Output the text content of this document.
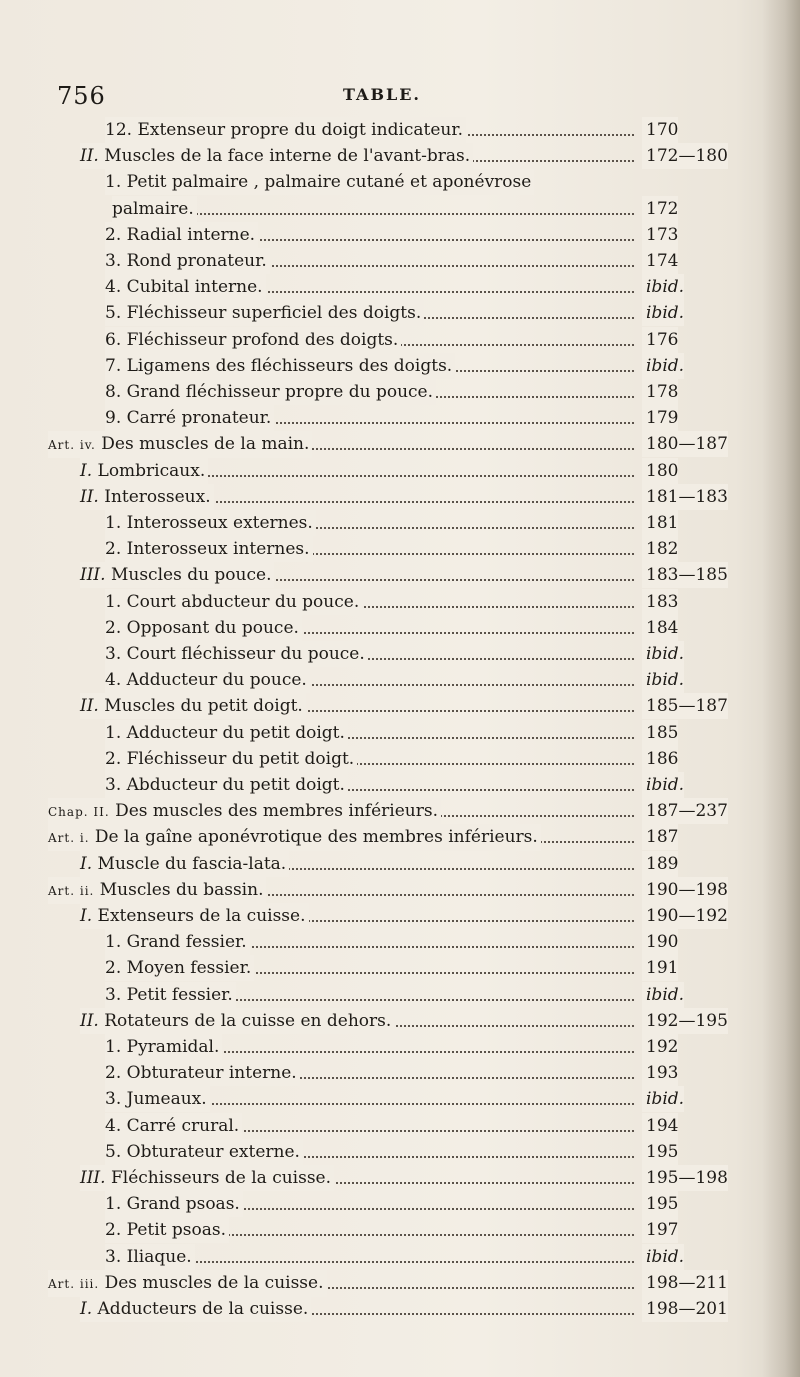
756	TABLE.
12. Extenseur propre du doigt indicateur.	170
II. Muscles de la face interne de l'avant-bras.	172—180
1. Petit palmaire , palmaire cutané et aponévrose
palmaire.	172
2. Radial interne.	173
3. Rond pronateur.	174
4. Cubital interne.	ibid.
5. Fléchisseur superficiel des doigts.	ibid.
6. Fléchisseur profond des doigts.	176
7. Ligamens des fléchisseurs des doigts.	ibid.
8. Grand fléchisseur propre du pouce.	178
9. Carré pronateur.	179
Art. iv. Des muscles de la main.	180—187
I. Lombricaux.	180
II. Interosseux.	181—183
1. Interosseux externes.	181
2. Interosseux internes.	182
III. Muscles du pouce.	183—185
1. Court abducteur du pouce.	183
2. Opposant du pouce.	184
3. Court fléchisseur du pouce.	ibid.
4. Adducteur du pouce.	ibid.
II. Muscles du petit doigt.	185—187
1. Adducteur du petit doigt.	185
2. Fléchisseur du petit doigt.	186
3. Abducteur du petit doigt.	ibid.
Chap. II. Des muscles des membres inférieurs.	187—237
Art. i. De la gaîne aponévrotique des membres inférieurs.	187
I. Muscle du fascia-lata.	189
Art. ii. Muscles du bassin.	190—198
I. Extenseurs de la cuisse.	190—192
1. Grand fessier.	190
2. Moyen fessier.	191
3. Petit fessier.	ibid.
II. Rotateurs de la cuisse en dehors.	192—195
1. Pyramidal.	192
2. Obturateur interne.	193
3. Jumeaux.	ibid.
4. Carré crural.	194
5. Obturateur externe.	195
III. Fléchisseurs de la cuisse.	195—198
1. Grand psoas.	195
2. Petit psoas.	197
3. Iliaque.	ibid.
Art. iii. Des muscles de la cuisse.	198—211
I. Adducteurs de la cuisse.	198—201
